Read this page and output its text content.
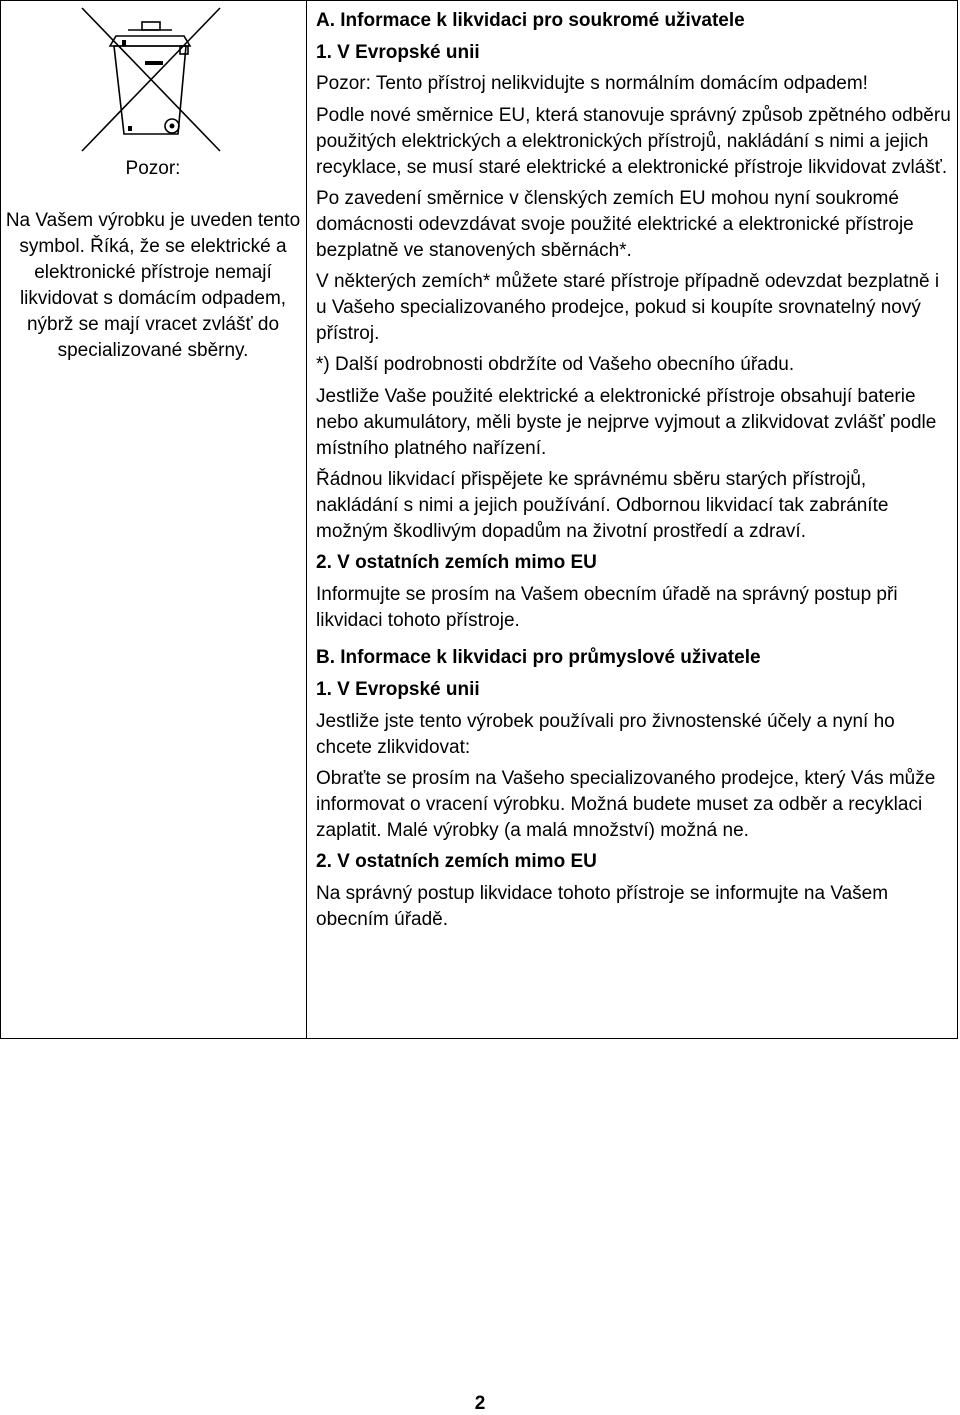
Pozor:

Na Vašem výrobku je uveden tento symbol. Říká, že se elektrické a elektronické přístroje nemají likvidovat s domácím odpadem, nýbrž se mají vracet zvlášť do specializované sběrny.

A. Informace k likvidaci pro soukromé uživatele

1. V Evropské unii

Pozor: Tento přístroj nelikvidujte s normálním domácím odpadem!

Podle nové směrnice EU, která stanovuje správný způsob zpětného odběru použitých elektrických a elektronických přístrojů, nakládání s nimi a jejich recyklace, se musí staré elektrické a elektronické přístroje likvidovat zvlášť.

Po zavedení směrnice v členských zemích EU mohou nyní soukromé domácnosti odevzdávat svoje použité elektrické a elektronické přístroje bezplatně ve stanovených sběrnách*.

V některých zemích* můžete staré přístroje případně odevzdat bezplatně i u Vašeho specializovaného prodejce, pokud si koupíte srovnatelný nový přístroj.

*) Další podrobnosti obdržíte od Vašeho obecního úřadu.

Jestliže Vaše použité elektrické a elektronické přístroje obsahují baterie nebo akumulátory, měli byste je nejprve vyjmout a zlikvidovat zvlášť podle místního platného nařízení.

Řádnou likvidací přispějete ke správnému sběru starých přístrojů, nakládání s nimi a jejich používání. Odbornou likvidací tak zabráníte možným škodlivým dopadům na životní prostředí a zdraví.

2. V ostatních zemích mimo EU

Informujte se prosím na Vašem obecním úřadě na správný postup při likvidaci tohoto přístroje.

B. Informace k likvidaci pro průmyslové uživatele

1. V Evropské unii

Jestliže jste tento výrobek používali pro živnostenské účely a nyní ho chcete zlikvidovat:

Obraťte se prosím na Vašeho specializovaného prodejce, který Vás může informovat o vracení výrobku. Možná budete muset za odběr a recyklaci zaplatit. Malé výrobky (a malá množství) možná ne.

2. V ostatních zemích mimo EU

Na správný postup likvidace tohoto přístroje se informujte na Vašem obecním úřadě.

2
